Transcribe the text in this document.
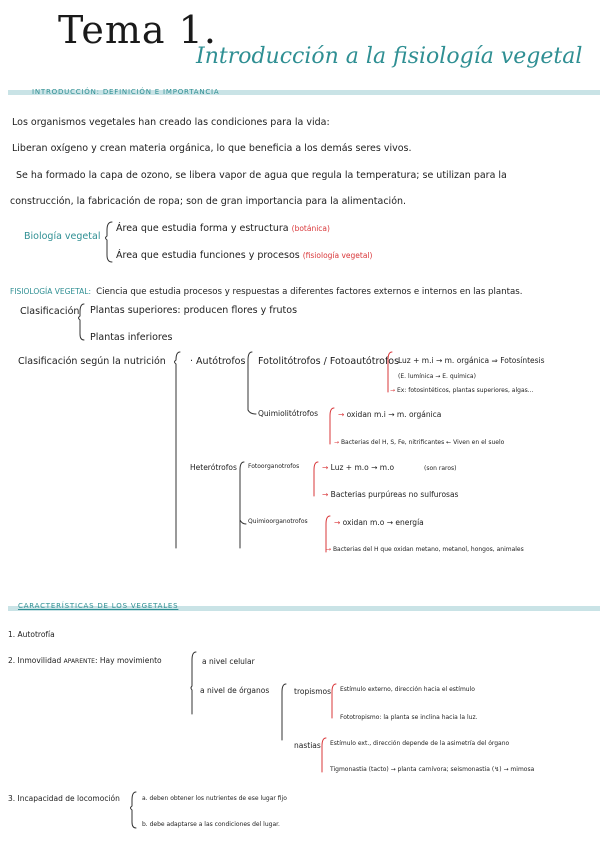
Tema 1.
Introducción a la fisiología vegetal
INTRODUCCIÓN: DEFINICIÓN E IMPORTANCIA
Los organismos vegetales han creado las condiciones para la vida:
Liberan oxígeno y crean materia orgánica, lo que beneficia a los demás seres vivos.
Se ha formado la capa de ozono, se libera vapor de agua que regula la temperatura; se utilizan para la
construcción, la fabricación de ropa; son de gran importancia para la alimentación.
Biología vegetal
Área que estudia forma y estructura (botánica)
Área que estudia funciones y procesos (fisiología vegetal)
FISIOLOGÍA VEGETAL: Ciencia que estudia procesos y respuestas a diferentes factores externos e internos en las plantas.
Clasificación Plantas superiores: producen flores y frutos
Plantas inferiores
Clasificación según la nutrición	· Autótrofos Fotolitótrofos / Fotoautótrofos
Luz + m.i → m. orgánica ⇒ Fotosíntesis
(E. lumínica → E. química)
→ Ex: fotosintéticos, plantas superiores, algas...
Quimiolitótrofos	→ oxidan m.i → m. orgánica
→ Bacterias del H, S, Fe, nitrificantes ← Viven en el suelo
Heterótrofos Fotoorganotrofos	→ Luz + m.o → m.o	(son raros)
→ Bacterias purpúreas no sulfurosas
Quimioorganotrofos	→ oxidan m.o → energía
→ Bacterias del H que oxidan metano, metanol, hongos, animales
CARACTERÍSTICAS DE LOS VEGETALES
1. Autotrofía
2. Inmovilidad APARENTE: Hay movimiento	a nivel celular
a nivel de órganos	tropismos Estímulo externo, dirección hacia el estímulo
Fototropismo: la planta se inclina hacia la luz.
nastias Estímulo ext., dirección depende de la asimetría del órgano
Tigmonastia (tacto) → planta carnívora; seismonastia (↯) → mimosa
3. Incapacidad de locomoción	a. deben obtener los nutrientes de ese lugar fijo
b. debe adaptarse a las condiciones del lugar.
